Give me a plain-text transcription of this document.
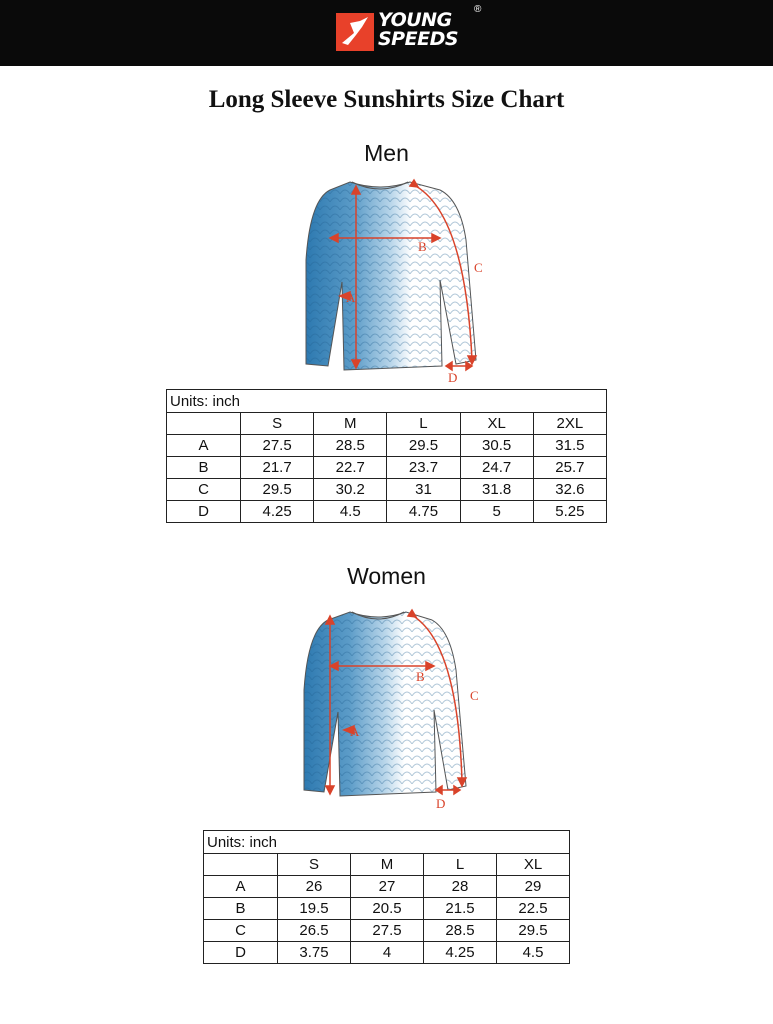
YOUNG
SPEEDS
®
Long Sleeve Sunshirts Size Chart
Men
A
B
C
D
Units: inch					
	S	M	L	XL	2XL
A	27.5	28.5	29.5	30.5	31.5
B	21.7	22.7	23.7	24.7	25.7
C	29.5	30.2	31	31.8	32.6
D	4.25	4.5	4.75	5	5.25
Women
A
B
C
D
Units: inch				
	S	M	L	XL
A	26	27	28	29
B	19.5	20.5	21.5	22.5
C	26.5	27.5	28.5	29.5
D	3.75	4	4.25	4.5
